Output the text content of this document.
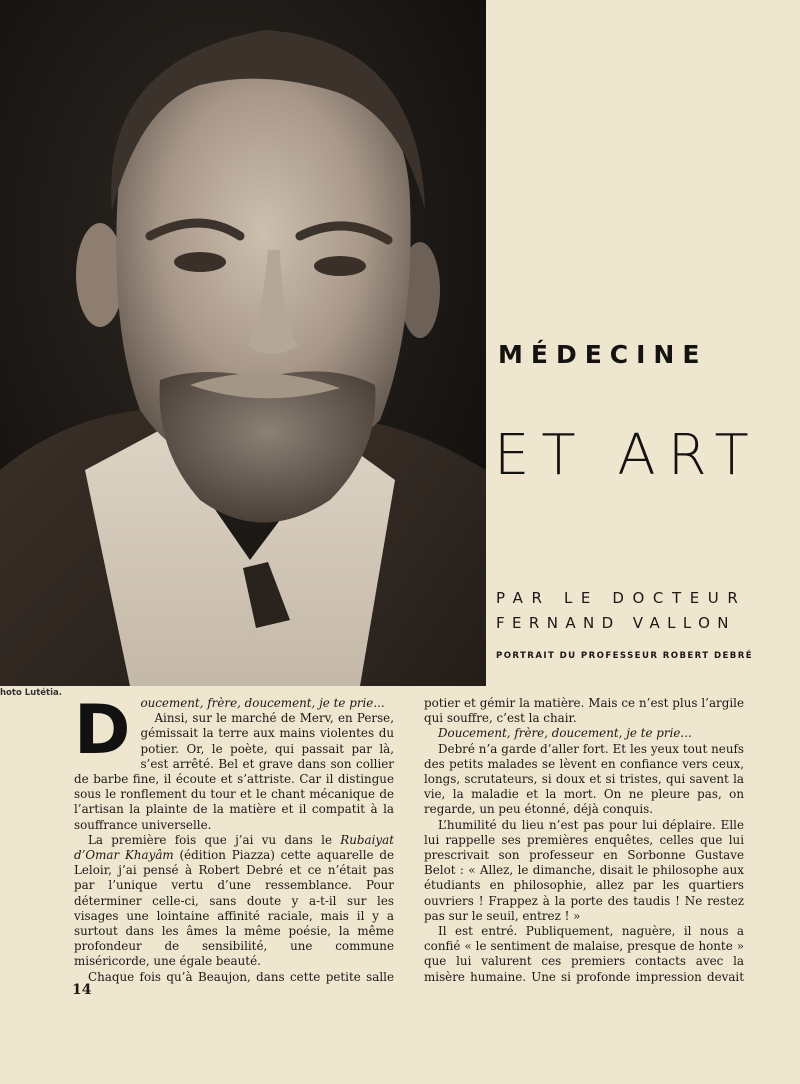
hoto Lutétia.
MÉDECINE
ET ART
PAR LE DOCTEUR
FERNAND VALLON
PORTRAIT DU PROFESSEUR ROBERT DEBRÉ
D oucement, frère, doucement, je te prie...

Ainsi, sur le marché de Merv, en Perse, gémissait la terre aux mains violentes du potier. Or, le poète, qui passait par là, s’est arrêté. Bel et grave dans son collier de barbe fine, il écoute et s’attriste. Car il distingue sous le ronflement du tour et le chant mécanique de l’artisan la plainte de la matière et il compatit à la souffrance universelle.

La première fois que j’ai vu dans le Rubaiyat d’Omar Khayâm (édition Piazza) cette aquarelle de Leloir, j’ai pensé à Robert Debré et ce n’était pas par l’unique vertu d’une ressemblance. Pour déterminer celle-ci, sans doute y a-t-il sur les visages une lointaine affinité raciale, mais il y a surtout dans les âmes la même poésie, la même profondeur de sensibilité, une commune miséricorde, une égale beauté.

Chaque fois qu’à Beaujon, dans cette petite salle

potier et gémir la matière. Mais ce n’est plus l’argile qui souffre, c’est la chair.

Doucement, frère, doucement, je te prie...

Debré n’a garde d’aller fort. Et les yeux tout neufs des petits malades se lèvent en confiance vers ceux, longs, scrutateurs, si doux et si tristes, qui savent la vie, la maladie et la mort. On ne pleure pas, on regarde, un peu étonné, déjà conquis.

L’humilité du lieu n’est pas pour lui déplaire. Elle lui rappelle ses premières enquêtes, celles que lui prescrivait son professeur en Sorbonne Gustave Belot : « Allez, le dimanche, disait le philosophe aux étudiants en philosophie, allez par les quartiers ouvriers ! Frappez à la porte des taudis ! Ne restez pas sur le seuil, entrez ! »

Il est entré. Publiquement, naguère, il nous a confié « le sentiment de malaise, presque de honte » que lui valurent ces premiers contacts avec la misère humaine. Une si profonde impression devait

14
